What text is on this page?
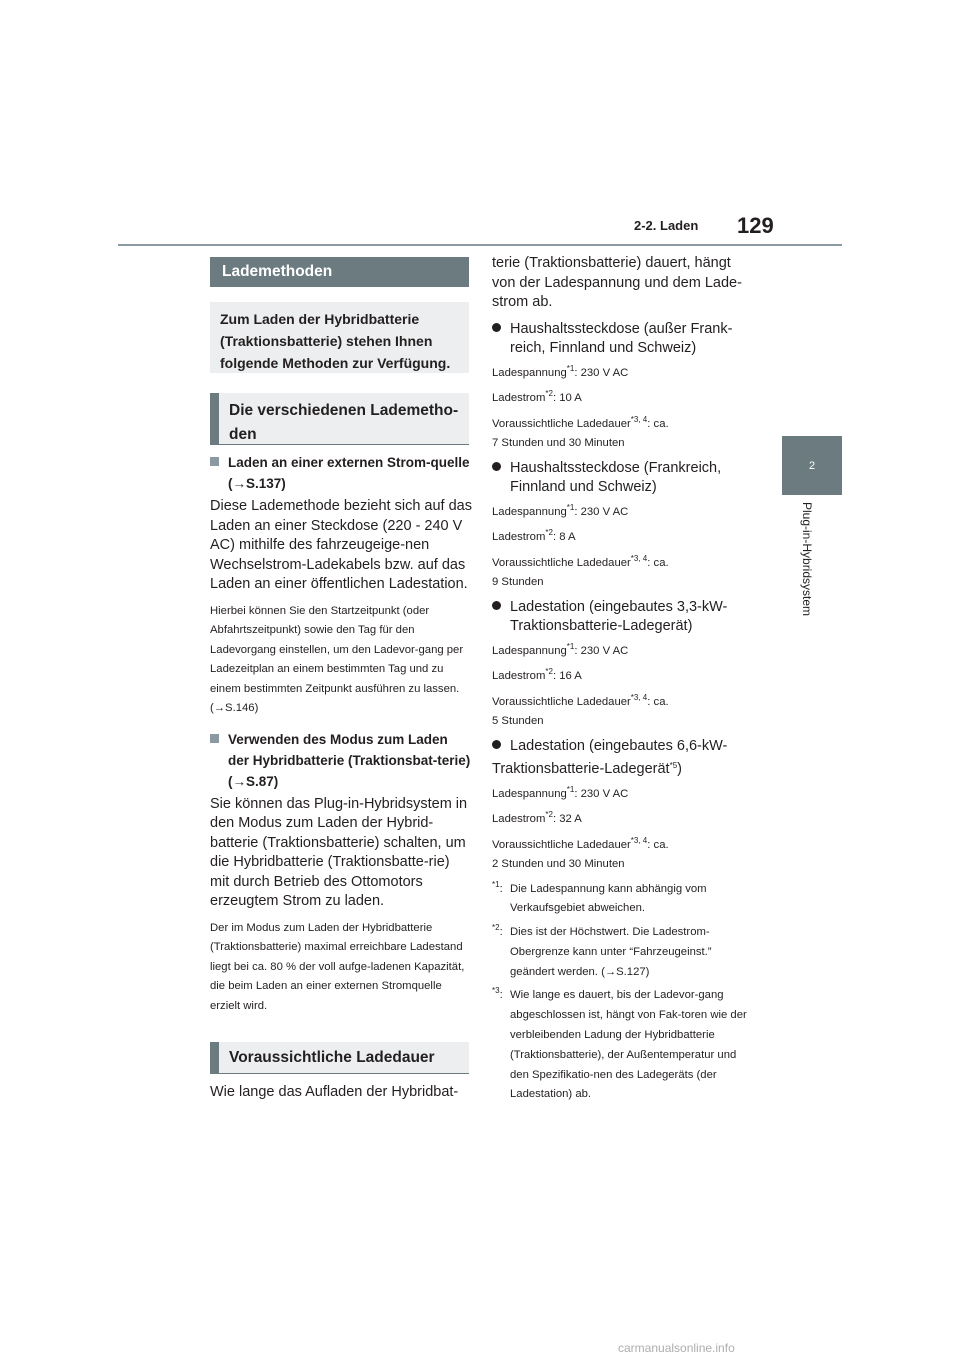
2-2. Laden 129
2
Plug-in-Hybridsystem
Lademethoden
Zum Laden der Hybridbatterie (Traktionsbatterie) stehen Ihnen folgende Methoden zur Verfügung.
Die verschiedenen Lademetho-den
Laden an einer externen Strom-quelle (→S.137)
Diese Lademethode bezieht sich auf das Laden an einer Steckdose (220 - 240 V AC) mithilfe des fahrzeugeige-nen Wechselstrom-Ladekabels bzw. auf das Laden an einer öffentlichen Ladestation.
Hierbei können Sie den Startzeitpunkt (oder Abfahrtszeitpunkt) sowie den Tag für den Ladevorgang einstellen, um den Ladevor-gang per Ladezeitplan an einem bestimmten Tag und zu einem bestimmten Zeitpunkt ausführen zu lassen. (→S.146)
Verwenden des Modus zum Laden der Hybridbatterie (Traktionsbat-terie) (→S.87)
Sie können das Plug-in-Hybridsystem in den Modus zum Laden der Hybrid-batterie (Traktionsbatterie) schalten, um die Hybridbatterie (Traktionsbatte-rie) mit durch Betrieb des Ottomotors erzeugtem Strom zu laden.
Der im Modus zum Laden der Hybridbatterie (Traktionsbatterie) maximal erreichbare Ladestand liegt bei ca. 80 % der voll aufge-ladenen Kapazität, die beim Laden an einer externen Stromquelle erzielt wird.
Voraussichtliche Ladedauer
Wie lange das Aufladen der Hybridbat-
terie (Traktionsbatterie) dauert, hängt von der Ladespannung und dem Lade-strom ab.
Haushaltssteckdose (außer Frank-reich, Finnland und Schweiz)
Ladespannung$^{*1}$: 230 V AC
Ladestrom$^{*2}$: 10 A
Voraussichtliche Ladedauer$^{*3, 4}$: ca.
7 Stunden und 30 Minuten
Haushaltssteckdose (Frankreich, Finnland und Schweiz)
Ladespannung$^{*1}$: 230 V AC
Ladestrom$^{*2}$: 8 A
Voraussichtliche Ladedauer$^{*3, 4}$: ca.
9 Stunden
Ladestation (eingebautes 3,3-kW-Traktionsbatterie-Ladegerät)
Ladespannung$^{*1}$: 230 V AC
Ladestrom$^{*2}$: 16 A
Voraussichtliche Ladedauer$^{*3, 4}$: ca.
5 Stunden
Ladestation (eingebautes 6,6-kW-
Traktionsbatterie-Ladegerät$^{*5}$)
Ladespannung$^{*1}$: 230 V AC
Ladestrom$^{*2}$: 32 A
Voraussichtliche Ladedauer$^{*3, 4}$: ca.
2 Stunden und 30 Minuten
$^{*1}$: Die Ladespannung kann abhängig vom Verkaufsgebiet abweichen.
$^{*2}$: Dies ist der Höchstwert. Die Ladestrom-Obergrenze kann unter “Fahrzeugeinst.” geändert werden. (→S.127)
$^{*3}$: Wie lange es dauert, bis der Ladevor-gang abgeschlossen ist, hängt von Fak-toren wie der verbleibenden Ladung der Hybridbatterie (Traktionsbatterie), der Außentemperatur und den Spezifikatio-nen des Ladegeräts (der Ladestation) ab.
carmanualsonline.info
